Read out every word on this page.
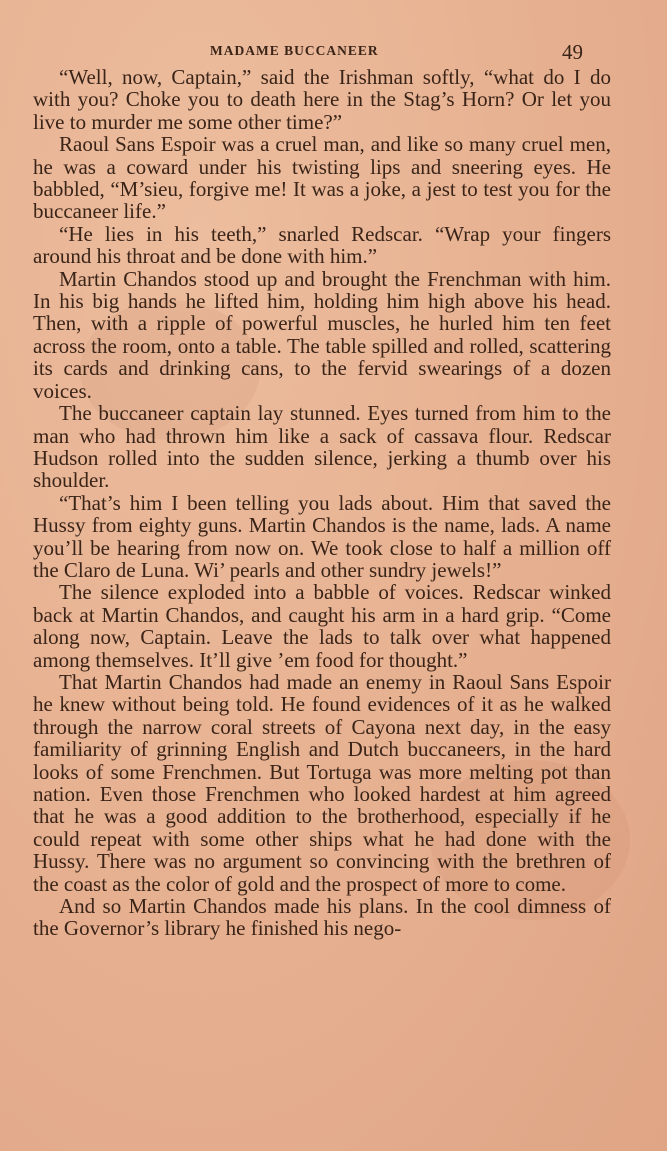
MADAME BUCCANEER	49

“Well, now, Captain,” said the Irishman softly, “what do I do with you? Choke you to death here in the Stag’s Horn? Or let you live to murder me some other time?”

Raoul Sans Espoir was a cruel man, and like so many cruel men, he was a coward under his twisting lips and sneering eyes. He babbled, “M’sieu, forgive me! It was a joke, a jest to test you for the buccaneer life.”

“He lies in his teeth,” snarled Redscar. “Wrap your fingers around his throat and be done with him.”

Martin Chandos stood up and brought the Frenchman with him. In his big hands he lifted him, holding him high above his head. Then, with a ripple of powerful muscles, he hurled him ten feet across the room, onto a table. The table spilled and rolled, scattering its cards and drinking cans, to the fervid swearings of a dozen voices.

The buccaneer captain lay stunned. Eyes turned from him to the man who had thrown him like a sack of cassava flour. Redscar Hudson rolled into the sudden silence, jerking a thumb over his shoulder.

“That’s him I been telling you lads about. Him that saved the Hussy from eighty guns. Martin Chandos is the name, lads. A name you’ll be hearing from now on. We took close to half a million off the Claro de Luna. Wi’ pearls and other sundry jewels!”

The silence exploded into a babble of voices. Redscar winked back at Martin Chandos, and caught his arm in a hard grip. “Come along now, Captain. Leave the lads to talk over what happened among themselves. It’ll give ’em food for thought.”

That Martin Chandos had made an enemy in Raoul Sans Espoir he knew without being told. He found evidences of it as he walked through the narrow coral streets of Cayona next day, in the easy familiarity of grinning English and Dutch buccaneers, in the hard looks of some Frenchmen. But Tortuga was more melting pot than nation. Even those Frenchmen who looked hardest at him agreed that he was a good addition to the brotherhood, especially if he could repeat with some other ships what he had done with the Hussy. There was no argument so convincing with the brethren of the coast as the color of gold and the prospect of more to come.

And so Martin Chandos made his plans. In the cool dimness of the Governor’s library he finished his nego-
